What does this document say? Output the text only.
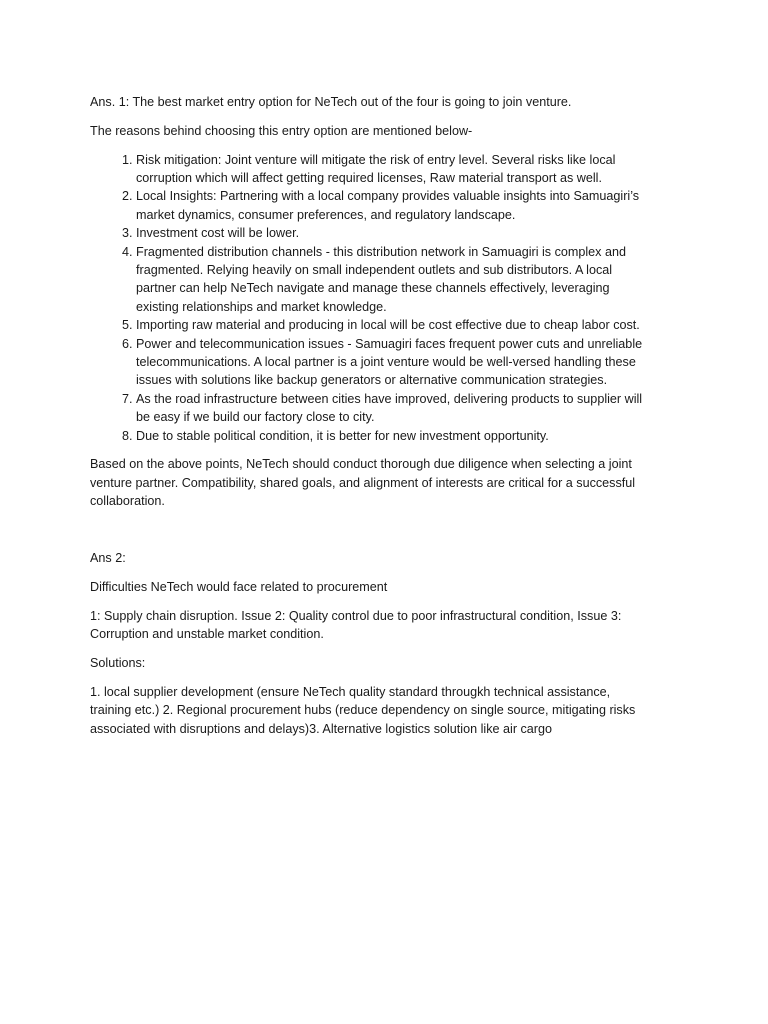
Ans. 1: The best market entry option for NeTech out of the four is going to join venture.

The reasons behind choosing this entry option are mentioned below-

1. Risk mitigation: Joint venture will mitigate the risk of entry level. Several risks like local corruption which will affect getting required licenses, Raw material transport as well.
2. Local Insights: Partnering with a local company provides valuable insights into Samuagiri’s market dynamics, consumer preferences, and regulatory landscape.
3. Investment cost will be lower.
4. Fragmented distribution channels - this distribution network in Samuagiri is complex and fragmented. Relying heavily on small independent outlets and sub distributors. A local partner can help NeTech navigate and manage these channels effectively, leveraging existing relationships and market knowledge.
5. Importing raw material and producing in local will be cost effective due to cheap labor cost.
6. Power and telecommunication issues - Samuagiri faces frequent power cuts and unreliable telecommunications. A local partner is a joint venture would be well-versed handling these issues with solutions like backup generators or alternative communication strategies.
7. As the road infrastructure between cities have improved, delivering products to supplier will be easy if we build our factory close to city.
8. Due to stable political condition, it is better for new investment opportunity.

Based on the above points, NeTech should conduct thorough due diligence when selecting a joint venture partner. Compatibility, shared goals, and alignment of interests are critical for a successful collaboration.

Ans 2:

Difficulties NeTech would face related to procurement

1: Supply chain disruption. Issue 2: Quality control due to poor infrastructural condition, Issue 3: Corruption and unstable market condition.

Solutions:

1. local supplier development (ensure NeTech quality standard througkh technical assistance, training etc.) 2. Regional procurement hubs (reduce dependency on single source, mitigating risks associated with disruptions and delays)3. Alternative logistics solution like air cargo
